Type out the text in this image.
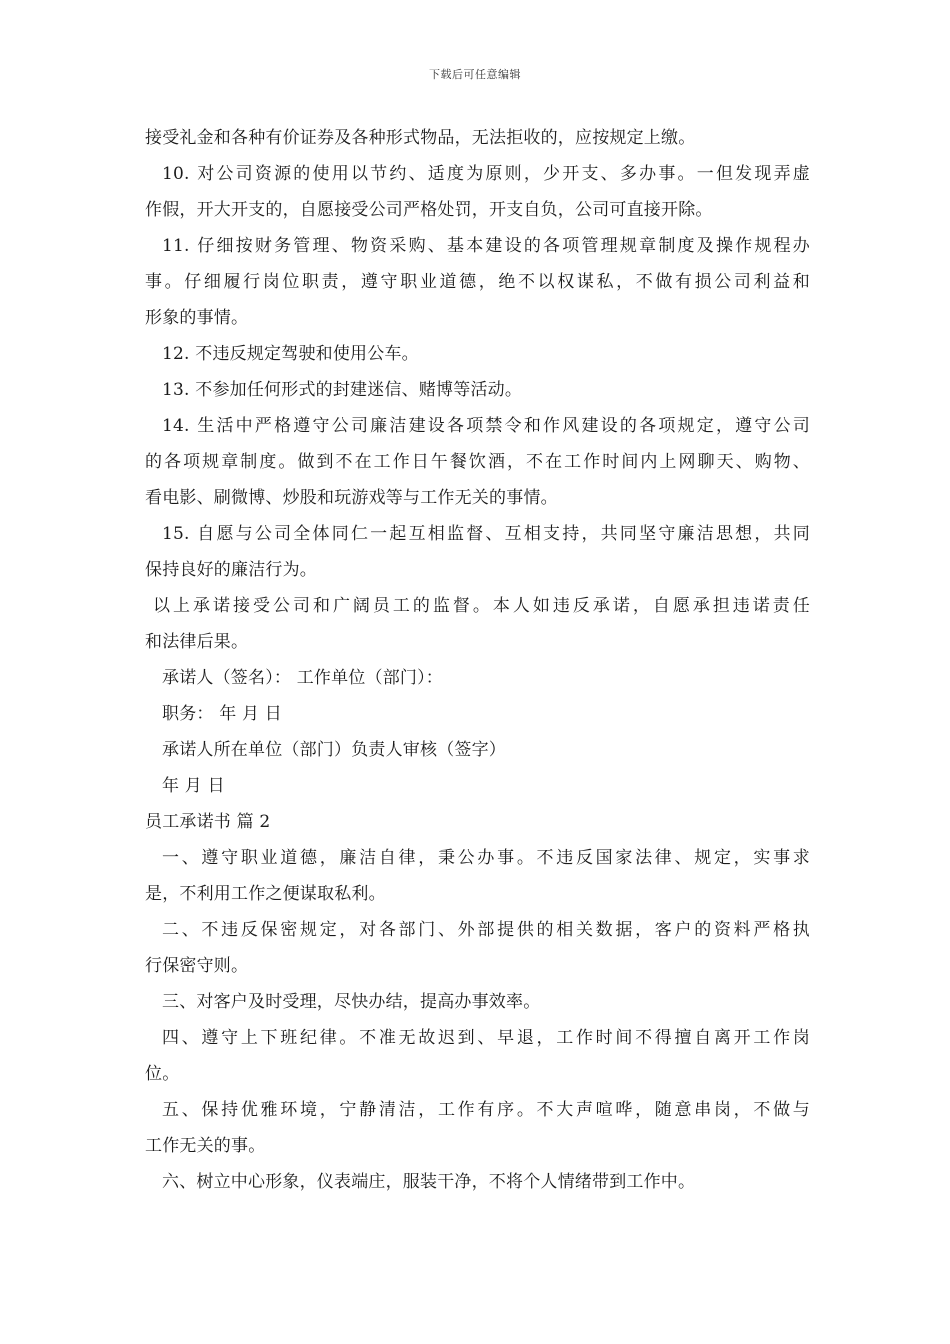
下载后可任意编辑
接受礼金和各种有价证券及各种形式物品，无法拒收的，应按规定上缴。
10. 对公司资源的使用以节约、适度为原则，少开支、多办事。一但发现弄虚
作假，开大开支的，自愿接受公司严格处罚，开支自负，公司可直接开除。
11. 仔细按财务管理、物资采购、基本建设的各项管理规章制度及操作规程办
事。仔细履行岗位职责，遵守职业道德，绝不以权谋私，不做有损公司利益和
形象的事情。
12. 不违反规定驾驶和使用公车。
13. 不参加任何形式的封建迷信、赌博等活动。
14. 生活中严格遵守公司廉洁建设各项禁令和作风建设的各项规定，遵守公司
的各项规章制度。做到不在工作日午餐饮酒，不在工作时间内上网聊天、购物、
看电影、刷微博、炒股和玩游戏等与工作无关的事情。
15. 自愿与公司全体同仁一起互相监督、互相支持，共同坚守廉洁思想，共同
保持良好的廉洁行为。
以上承诺接受公司和广阔员工的监督。本人如违反承诺，自愿承担违诺责任
和法律后果。
承诺人（签名）： 工作单位（部门）：
职务： 年 月 日
承诺人所在单位（部门）负责人审核（签字）
年 月 日
员工承诺书 篇 2
一、遵守职业道德，廉洁自律，秉公办事。不违反国家法律、规定，实事求
是，不利用工作之便谋取私利。
二、不违反保密规定，对各部门、外部提供的相关数据，客户的资料严格执
行保密守则。
三、对客户及时受理，尽快办结，提高办事效率。
四、遵守上下班纪律。不准无故迟到、早退，工作时间不得擅自离开工作岗
位。
五、保持优雅环境，宁静清洁，工作有序。不大声喧哗，随意串岗，不做与
工作无关的事。
六、树立中心形象，仪表端庄，服装干净，不将个人情绪带到工作中。
